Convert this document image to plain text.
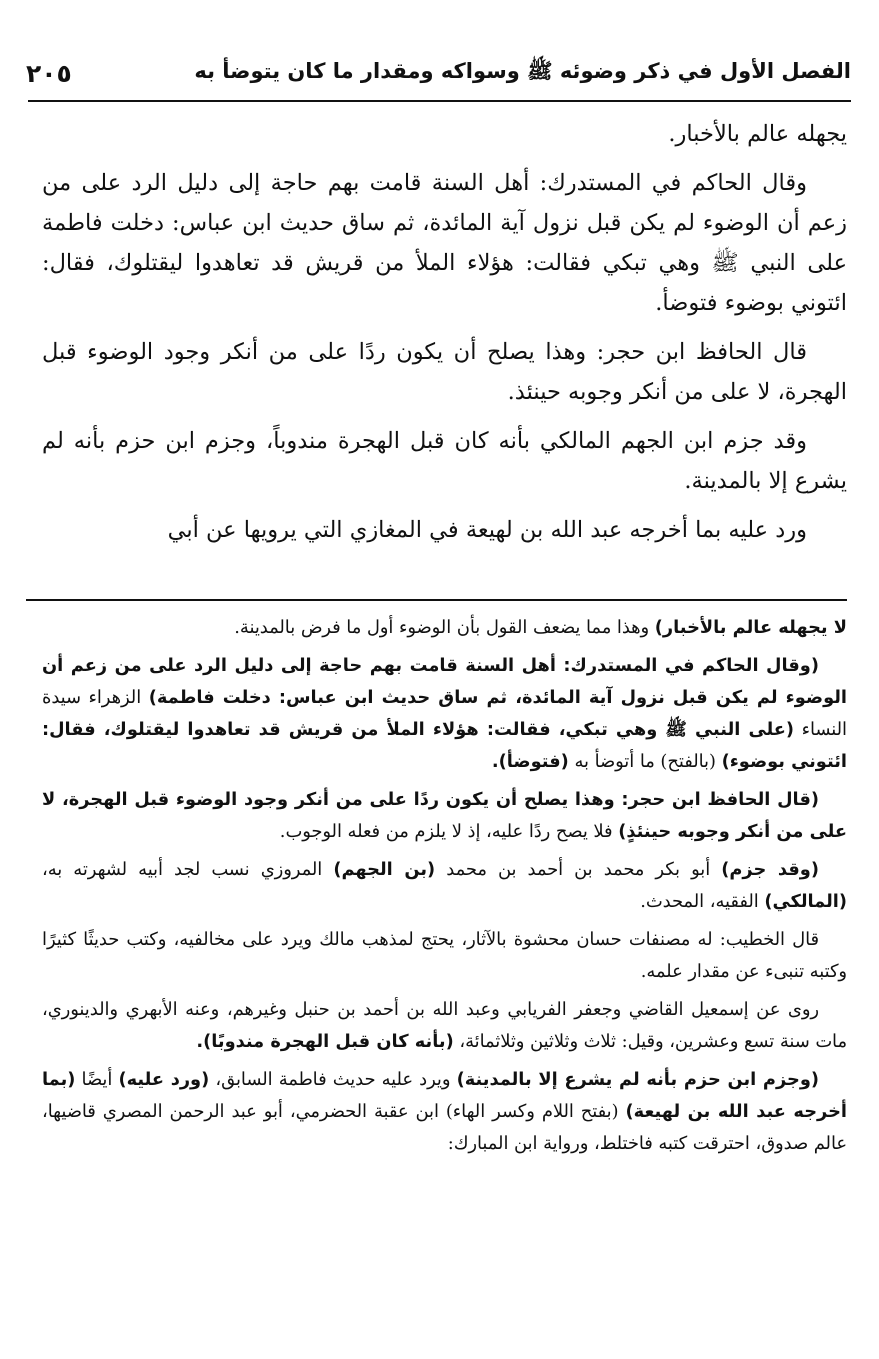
الفصل الأول في ذكر وضوئه ﷺ وسواكه ومقدار ما كان يتوضأ به
٢٠٥

يجهله عالم بالأخبار.

وقال الحاكم في المستدرك: أهل السنة قامت بهم حاجة إلى دليل الرد على من زعم أن الوضوء لم يكن قبل نزول آية المائدة، ثم ساق حديث ابن عباس: دخلت فاطمة على النبي ﷺ وهي تبكي فقالت: هؤلاء الملأ من قريش قد تعاهدوا ليقتلوك، فقال: ائتوني بوضوء فتوضأ.

قال الحافظ ابن حجر: وهذا يصلح أن يكون ردًا على من أنكر وجود الوضوء قبل الهجرة، لا على من أنكر وجوبه حينئذ.

وقد جزم ابن الجهم المالكي بأنه كان قبل الهجرة مندوباً، وجزم ابن حزم بأنه لم يشرع إلا بالمدينة.

ورد عليه بما أخرجه عبد الله بن لهيعة في المغازي التي يرويها عن أبي

لا يجهله عالم بالأخبار) وهذا مما يضعف القول بأن الوضوء أول ما فرض بالمدينة.

(وقال الحاكم في المستدرك: أهل السنة قامت بهم حاجة إلى دليل الرد على من زعم أن الوضوء لم يكن قبل نزول آية المائدة، ثم ساق حديث ابن عباس: دخلت فاطمة) الزهراء سيدة النساء (على النبي ﷺ وهي تبكي، فقالت: هؤلاء الملأ من قريش قد تعاهدوا ليقتلوك، فقال: ائتوني بوضوء) (بالفتح) ما أتوضأ به (فتوضأ).

(قال الحافظ ابن حجر: وهذا يصلح أن يكون ردًا على من أنكر وجود الوضوء قبل الهجرة، لا على من أنكر وجوبه حينئذٍ) فلا يصح ردًا عليه، إذ لا يلزم من فعله الوجوب.

(وقد جزم) أبو بكر محمد بن أحمد بن محمد (بن الجهم) المروزي نسب لجد أبيه لشهرته به، (المالكي) الفقيه، المحدث.

قال الخطيب: له مصنفات حسان محشوة بالآثار، يحتج لمذهب مالك ويرد على مخالفيه، وكتب حديثًا كثيرًا وكتبه تنبىء عن مقدار علمه.

روى عن إسمعيل القاضي وجعفر الفريابي وعبد الله بن أحمد بن حنبل وغيرهم، وعنه الأبهري والدينوري، مات سنة تسع وعشرين، وقيل: ثلاث وثلاثين وثلاثمائة، (بأنه كان قبل الهجرة مندوبًا).

(وجزم ابن حزم بأنه لم يشرع إلا بالمدينة) ويرد عليه حديث فاطمة السابق، (ورد عليه) أيضًا (بما أخرجه عبد الله بن لهيعة) (بفتح اللام وكسر الهاء) ابن عقبة الحضرمي، أبو عبد الرحمن المصري قاضيها، عالم صدوق، احترقت كتبه فاختلط، ورواية ابن المبارك:
